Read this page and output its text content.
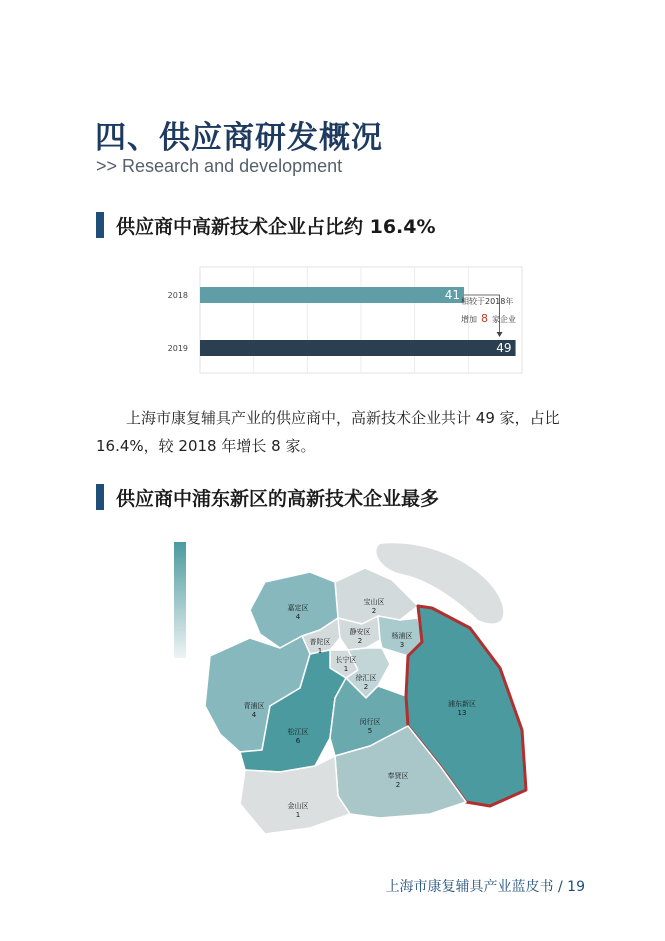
四、供应商研发概况
>> Research and development
供应商中高新技术企业占比约 16.4%
2018
2019
41
49
相较于2018年
增加 8 家企业
上海市康复辅具产业的供应商中，高新技术企业共计 49 家，占比 16.4%，较 2018 年增长 8 家。
供应商中浦东新区的高新技术企业最多
宝山区
2
嘉定区
4
普陀区
1
静安区
2
杨浦区
3
长宁区
1
徐汇区
2
青浦区
4
松江区
6
闵行区
5
浦东新区
13
奉贤区
2
金山区
1
上海市康复辅具产业蓝皮书 / 19
